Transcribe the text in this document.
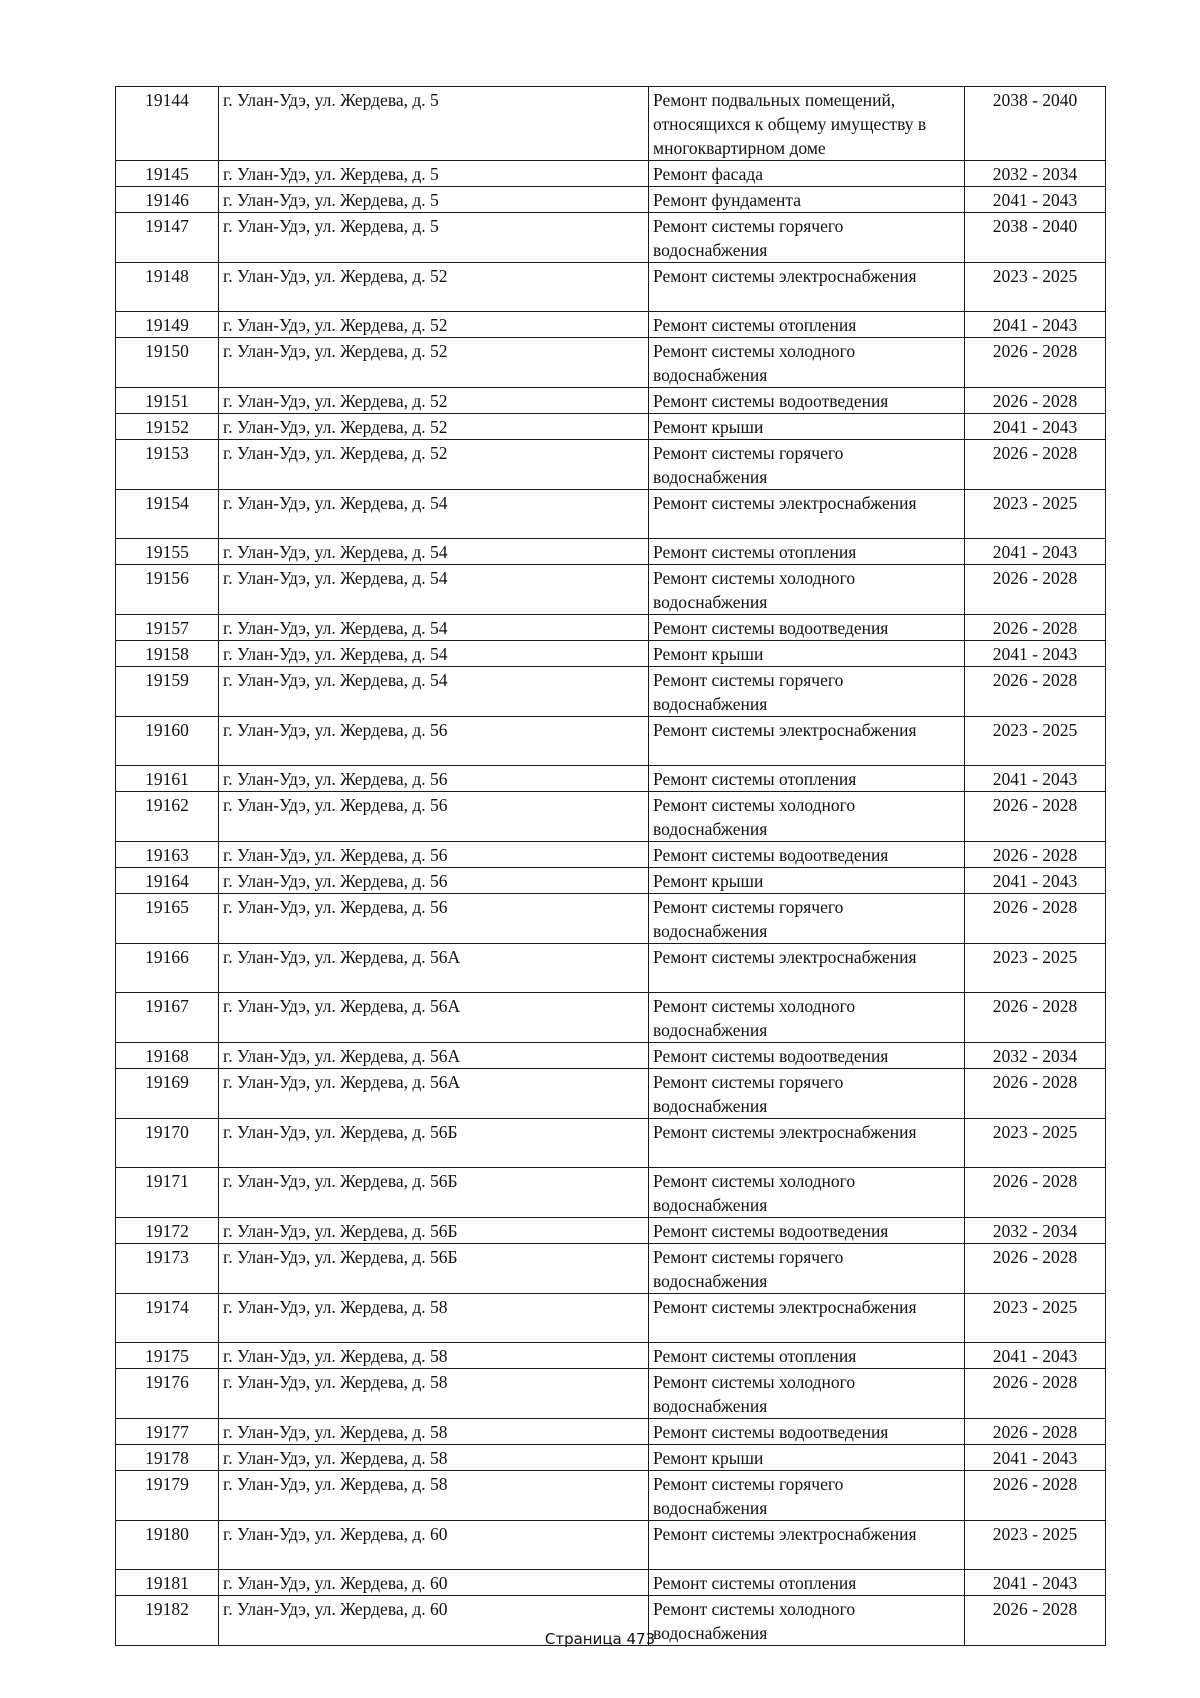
19144	г. Улан-Удэ, ул. Жердева, д. 5	Ремонт подвальных помещений, относящихся к общему имуществу в многоквартирном доме	2038 - 2040
19145	г. Улан-Удэ, ул. Жердева, д. 5	Ремонт фасада	2032 - 2034
19146	г. Улан-Удэ, ул. Жердева, д. 5	Ремонт фундамента	2041 - 2043
19147	г. Улан-Удэ, ул. Жердева, д. 5	Ремонт системы горячего водоснабжения	2038 - 2040
19148	г. Улан-Удэ, ул. Жердева, д. 52	Ремонт системы электроснабжения	2023 - 2025
19149	г. Улан-Удэ, ул. Жердева, д. 52	Ремонт системы отопления	2041 - 2043
19150	г. Улан-Удэ, ул. Жердева, д. 52	Ремонт системы холодного водоснабжения	2026 - 2028
19151	г. Улан-Удэ, ул. Жердева, д. 52	Ремонт системы водоотведения	2026 - 2028
19152	г. Улан-Удэ, ул. Жердева, д. 52	Ремонт крыши	2041 - 2043
19153	г. Улан-Удэ, ул. Жердева, д. 52	Ремонт системы горячего водоснабжения	2026 - 2028
19154	г. Улан-Удэ, ул. Жердева, д. 54	Ремонт системы электроснабжения	2023 - 2025
19155	г. Улан-Удэ, ул. Жердева, д. 54	Ремонт системы отопления	2041 - 2043
19156	г. Улан-Удэ, ул. Жердева, д. 54	Ремонт системы холодного водоснабжения	2026 - 2028
19157	г. Улан-Удэ, ул. Жердева, д. 54	Ремонт системы водоотведения	2026 - 2028
19158	г. Улан-Удэ, ул. Жердева, д. 54	Ремонт крыши	2041 - 2043
19159	г. Улан-Удэ, ул. Жердева, д. 54	Ремонт системы горячего водоснабжения	2026 - 2028
19160	г. Улан-Удэ, ул. Жердева, д. 56	Ремонт системы электроснабжения	2023 - 2025
19161	г. Улан-Удэ, ул. Жердева, д. 56	Ремонт системы отопления	2041 - 2043
19162	г. Улан-Удэ, ул. Жердева, д. 56	Ремонт системы холодного водоснабжения	2026 - 2028
19163	г. Улан-Удэ, ул. Жердева, д. 56	Ремонт системы водоотведения	2026 - 2028
19164	г. Улан-Удэ, ул. Жердева, д. 56	Ремонт крыши	2041 - 2043
19165	г. Улан-Удэ, ул. Жердева, д. 56	Ремонт системы горячего водоснабжения	2026 - 2028
19166	г. Улан-Удэ, ул. Жердева, д. 56А	Ремонт системы электроснабжения	2023 - 2025
19167	г. Улан-Удэ, ул. Жердева, д. 56А	Ремонт системы холодного водоснабжения	2026 - 2028
19168	г. Улан-Удэ, ул. Жердева, д. 56А	Ремонт системы водоотведения	2032 - 2034
19169	г. Улан-Удэ, ул. Жердева, д. 56А	Ремонт системы горячего водоснабжения	2026 - 2028
19170	г. Улан-Удэ, ул. Жердева, д. 56Б	Ремонт системы электроснабжения	2023 - 2025
19171	г. Улан-Удэ, ул. Жердева, д. 56Б	Ремонт системы холодного водоснабжения	2026 - 2028
19172	г. Улан-Удэ, ул. Жердева, д. 56Б	Ремонт системы водоотведения	2032 - 2034
19173	г. Улан-Удэ, ул. Жердева, д. 56Б	Ремонт системы горячего водоснабжения	2026 - 2028
19174	г. Улан-Удэ, ул. Жердева, д. 58	Ремонт системы электроснабжения	2023 - 2025
19175	г. Улан-Удэ, ул. Жердева, д. 58	Ремонт системы отопления	2041 - 2043
19176	г. Улан-Удэ, ул. Жердева, д. 58	Ремонт системы холодного водоснабжения	2026 - 2028
19177	г. Улан-Удэ, ул. Жердева, д. 58	Ремонт системы водоотведения	2026 - 2028
19178	г. Улан-Удэ, ул. Жердева, д. 58	Ремонт крыши	2041 - 2043
19179	г. Улан-Удэ, ул. Жердева, д. 58	Ремонт системы горячего водоснабжения	2026 - 2028
19180	г. Улан-Удэ, ул. Жердева, д. 60	Ремонт системы электроснабжения	2023 - 2025
19181	г. Улан-Удэ, ул. Жердева, д. 60	Ремонт системы отопления	2041 - 2043
19182	г. Улан-Удэ, ул. Жердева, д. 60	Ремонт системы холодного водоснабжения	2026 - 2028
Страница 473
